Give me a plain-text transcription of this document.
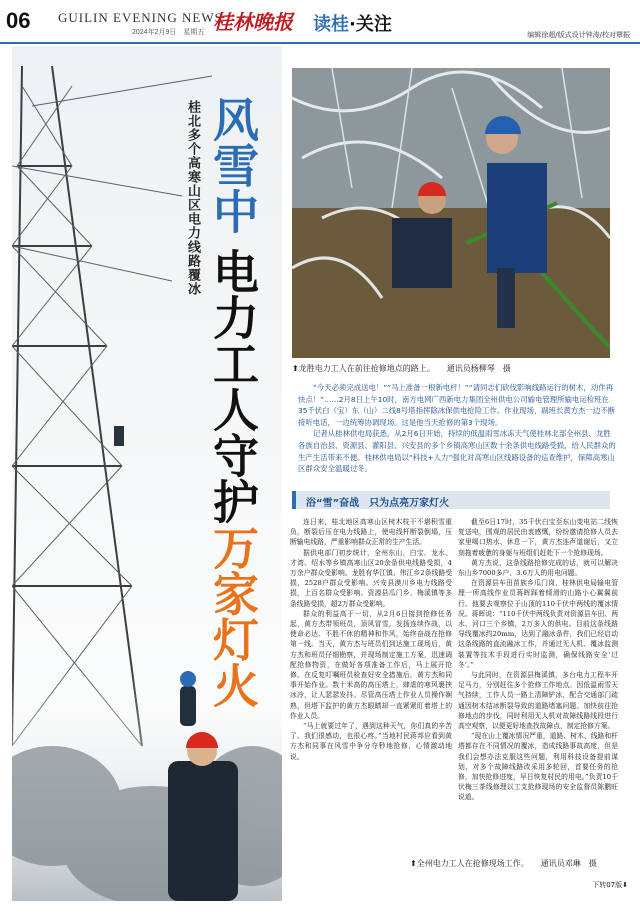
06 GUILIN EVENING NEWS
2024年2月9日　星期五 桂林晚报 读桂·关注	编辑徐超/版式设计钟涛/校对覃振
桂北多个高寒山区电力线路覆冰 风雪中电力工人守护万家灯火
⬆龙胜电力工人在前往抢修地点的路上。　　通讯员杨柳琴　摄

“今天必须完成送电！”“马上准备一根新电杆！”“请同志们砍伐影响线路运行的树木，动作再快点！”……2月8日上午10时，南方电网广西新电力集团全州供电公司输电管理所输电运检班在35千伏白（宝）东（山）二线8号塔指挥除冰保供电抢险工作。作业现场，副班长黄方杰一边不断接听电话，一边统筹协调现场。这是他当天抢修的第3个现场。

记者从桂林供电局获悉，从2月6日开始，持续的低温雨雪冰冻天气使桂林北部全州县、龙胜各族自治县、资源县、灌阳县、兴安县的多个乡镇高寒山区数十余条供电线路受损，给人民群众的生产生活带来不便。桂林供电局以“科技+人力”强化对高寒山区线路设备的巡查维护，保障高寒山区群众安全温暖过冬。

浴“雪”奋战　只为点亮万家灯火

连日来，桂北地区高寒山区树木枝干不堪积雪重负，断裂后压在电力线路上，使电线杆断裂倒塌，压断输电线路，严重影响群众正常的生产生活。

据供电部门初步统计，全州东山、白宝、龙水、才湾、绍水等乡镇高寒山区20余条供电线路受损，4万余户群众受影响。龙胜有华江镇、伟江乡2条线路受损，2528户群众受影响。兴安县漠川乡电力线路受损，上百名群众受影响。资源县瓜门乡、梅溪镇等多条线路受损，超2万群众受影响。

群众的利益高于一切，从2月6日接到抢修任务起，黄方杰带领班员，顶风冒雪，发扬连续作战，以使命必达、不胜不休的精神和作风，始终奋战在抢修第一线。当天，黄方杰与班员们到达施工现场后，黄方杰和班员仔细勘察，并现场制定施工方案，迅速调配抢修物资，在做好各项准备工作后，马上展开抢修。在反复叮嘱班员检查好安全措施后，黄方杰和同事开始作业。数十米高的高压塔上，肆虐的寒风裹挟冰冷，让人瑟瑟发抖。尽管高压塔上作业人员操作娴熟，但塔下监护的黄方杰眼睛却一直紧紧盯着塔上的作业人员。

“马上就要过年了，遇到这种天气，你们真的辛苦了。我们很感动，也很心疼。”当地村民蒋邦应看到黄方杰和同事在风雪中争分夺秒地抢修，心情激动地说。

截至6日17时，35千伏白宝至东山变电站二线恢复送电，围观的居民由衷感慨，纷纷邀请抢修人员去家里喝口热水、休息一下，黄方杰连声道谢后，又立刻拖着疲惫的身躯与班组们赶赴下一个抢修现场。

黄方杰说，这条线路抢修完成的话，就可以解决东山乡7000多户、3.6万人的用电问题。

在资源县车田苗族乡瓜门岗，桂林供电局输电管理一所高线作业员蒋晖踩着倾滑的山路小心翼翼前行。他要去观察位于山顶的110千伏中两线的覆冰情况。蒋晖说：“110千伏中两线负责对资源县车田、两水、河口三个乡镇，2万多人的供电。目前这条线路导线覆冰约20mm，达到了融冰条件，我们已经启动这条线路的直流融冰工作，并通过无人机、覆冰监测装置等技术手段进行实时监测，确保线路安全‘过冬’。”

与此同时，在资源县梅溪镇，多台电力工程车开足马力，分别赶往多个抢修工作地点。因低温雨雪天气持续，工作人员一路上清障铲冰，配合交通部门疏通因树木结冰断裂导致的道路堵塞问题。加快前往抢修地点的步伐，同时利用无人机对故障线路线段进行高空观察，以便更好地查找故障点，制定抢修方案。

“现在山上覆冰情况严重，道路、树木、线路和杆塔都存在不同情况的覆冰，造成线路事故高度，但是我们会想办法克服这些问题，利用科技设备提前谋划，对多个故障线路改采用多轮回，首要任务的抢修，加快抢修进度，早日恢复村民的用电。”负责10千伏梅三茶线修理以工支抢修现场的安全监督员陈鹏旺说道。

⬆全州电力工人在抢修现场工作。　　通讯员邓琳　摄
下转07版⬇
